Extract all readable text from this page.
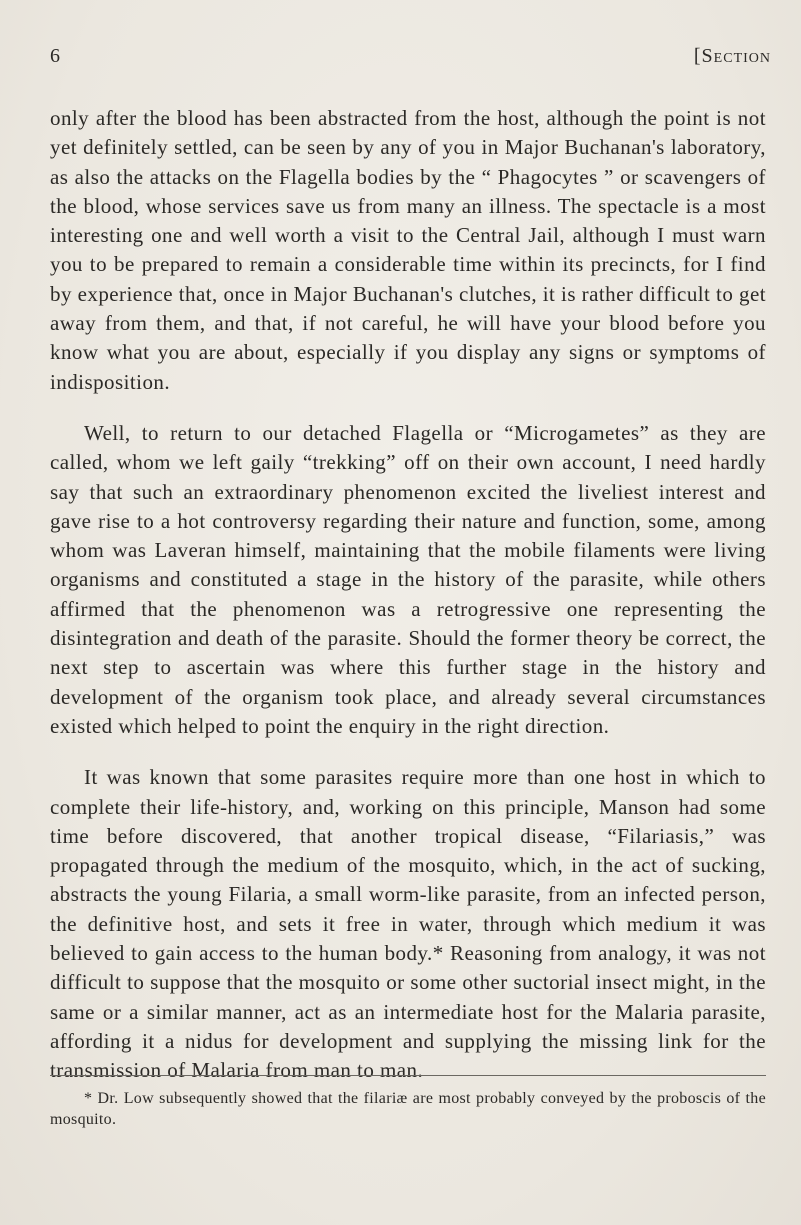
6	[Section

only after the blood has been abstracted from the host, although the point is not yet definitely settled, can be seen by any of you in Major Buchanan's laboratory, as also the attacks on the Flagella bodies by the “ Phagocytes ” or scavengers of the blood, whose services save us from many an illness. The spectacle is a most interesting one and well worth a visit to the Central Jail, although I must warn you to be prepared to remain a considerable time within its precincts, for I find by experience that, once in Major Buchanan's clutches, it is rather difficult to get away from them, and that, if not careful, he will have your blood before you know what you are about, especially if you display any signs or symptoms of indisposition.

Well, to return to our detached Flagella or “Microgametes” as they are called, whom we left gaily “trekking” off on their own account, I need hardly say that such an extraordinary phenomenon excited the liveliest interest and gave rise to a hot controversy regarding their nature and function, some, among whom was Laveran himself, maintaining that the mobile filaments were living organisms and constituted a stage in the history of the parasite, while others affirmed that the phenomenon was a retrogressive one representing the disintegration and death of the parasite. Should the former theory be correct, the next step to ascertain was where this further stage in the history and development of the organism took place, and already several circumstances existed which helped to point the enquiry in the right direction.

It was known that some parasites require more than one host in which to complete their life-history, and, working on this principle, Manson had some time before discovered, that another tropical disease, “Filariasis,” was propagated through the medium of the mosquito, which, in the act of sucking, abstracts the young Filaria, a small worm-like parasite, from an infected person, the definitive host, and sets it free in water, through which medium it was believed to gain access to the human body.* Reasoning from analogy, it was not difficult to suppose that the mosquito or some other suctorial insect might, in the same or a similar manner, act as an intermediate host for the Malaria parasite, affording it a nidus for development and supplying the missing link for the transmission of Malaria from man to man.

* Dr. Low subsequently showed that the filariæ are most probably conveyed by the proboscis of the mosquito.
